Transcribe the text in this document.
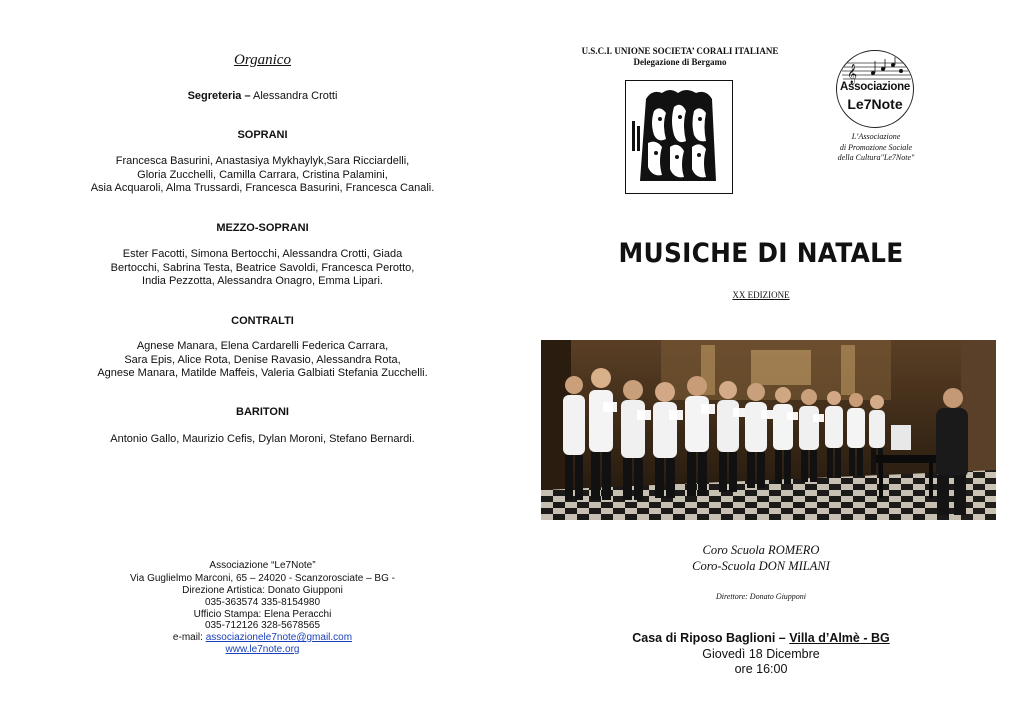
Organico
Segreteria – Alessandra Crotti
SOPRANI
Francesca Basurini, Anastasiya Mykhaylyk,Sara Ricciardelli,
Gloria Zucchelli, Camilla Carrara, Cristina Palamini,
Asia Acquaroli, Alma Trussardi, Francesca Basurini, Francesca Canali.
MEZZO-SOPRANI
Ester Facotti, Simona Bertocchi, Alessandra Crotti, Giada
Bertocchi, Sabrina Testa, Beatrice Savoldi, Francesca Perotto,
India Pezzotta, Alessandra Onagro, Emma Lipari.
CONTRALTI
Agnese Manara, Elena Cardarelli Federica Carrara,
Sara Epis, Alice Rota, Denise Ravasio, Alessandra Rota,
Agnese Manara, Matilde Maffeis, Valeria Galbiati Stefania Zucchelli.
BARITONI
Antonio Gallo, Maurizio Cefis, Dylan Moroni, Stefano Bernardi.
Associazione “Le7Note”
Via Guglielmo Marconi, 65 – 24020 - Scanzorosciate – BG -
Direzione Artistica: Donato Giupponi
035-363574 335-8154980
Ufficio Stampa: Elena Peracchi
035-712126 328-5678565
e-mail: associazionele7note@gmail.com
www.le7note.org
U.S.C.I. UNIONE SOCIETA’ CORALI ITALIANE
Delegazione di Bergamo
𝄞
Associazione
Le7Note
L’Associazione
di Promozione Sociale
della Cultura"Le7Note"
MUSICHE DI NATALE
XX EDIZIONE
Coro Scuola ROMERO
Coro-Scuola DON MILANI
Direttore: Donato Giupponi
Casa di Riposo Baglioni – Villa d’Almè - BG
Giovedì 18 Dicembre
ore 16:00
